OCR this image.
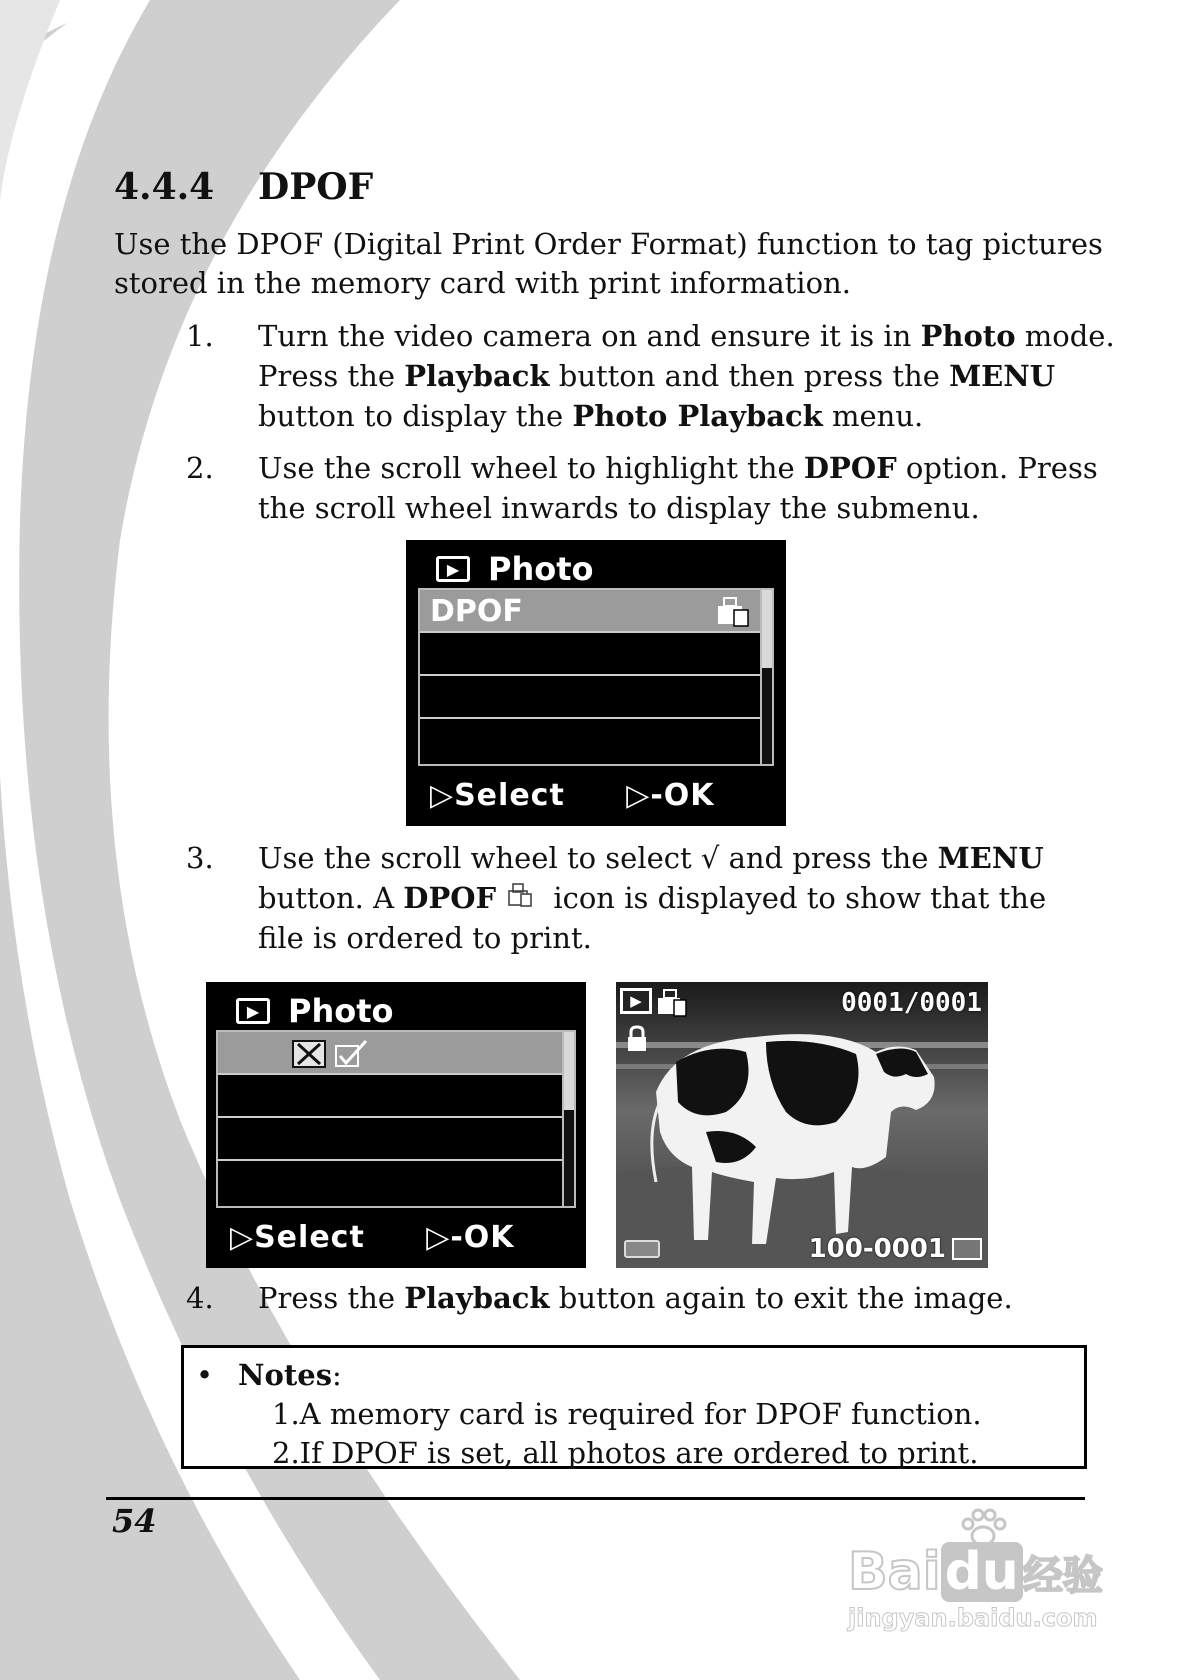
4.4.4 DPOF

Use the DPOF (Digital Print Order Format) function to tag pictures stored in the memory card with print information.

1. Turn the video camera on and ensure it is in Photo mode. Press the Playback button and then press the MENU button to display the Photo Playback menu.
2. Use the scroll wheel to highlight the DPOF option. Press the scroll wheel inwards to display the submenu.
▶ Photo
DPOF
▷Select ▷-OK
3. Use the scroll wheel to select √ and press the MENU button. A DPOF icon is displayed to show that the file is ordered to print.
▶ Photo
▷Select ▷-OK
▶	0001/0001
100-0001
4. Press the Playback button again to exit the image.
• Notes:
1.A memory card is required for DPOF function.
2.If DPOF is set, all photos are ordered to print.
54
Baidu 经验
jingyan.baidu.com
